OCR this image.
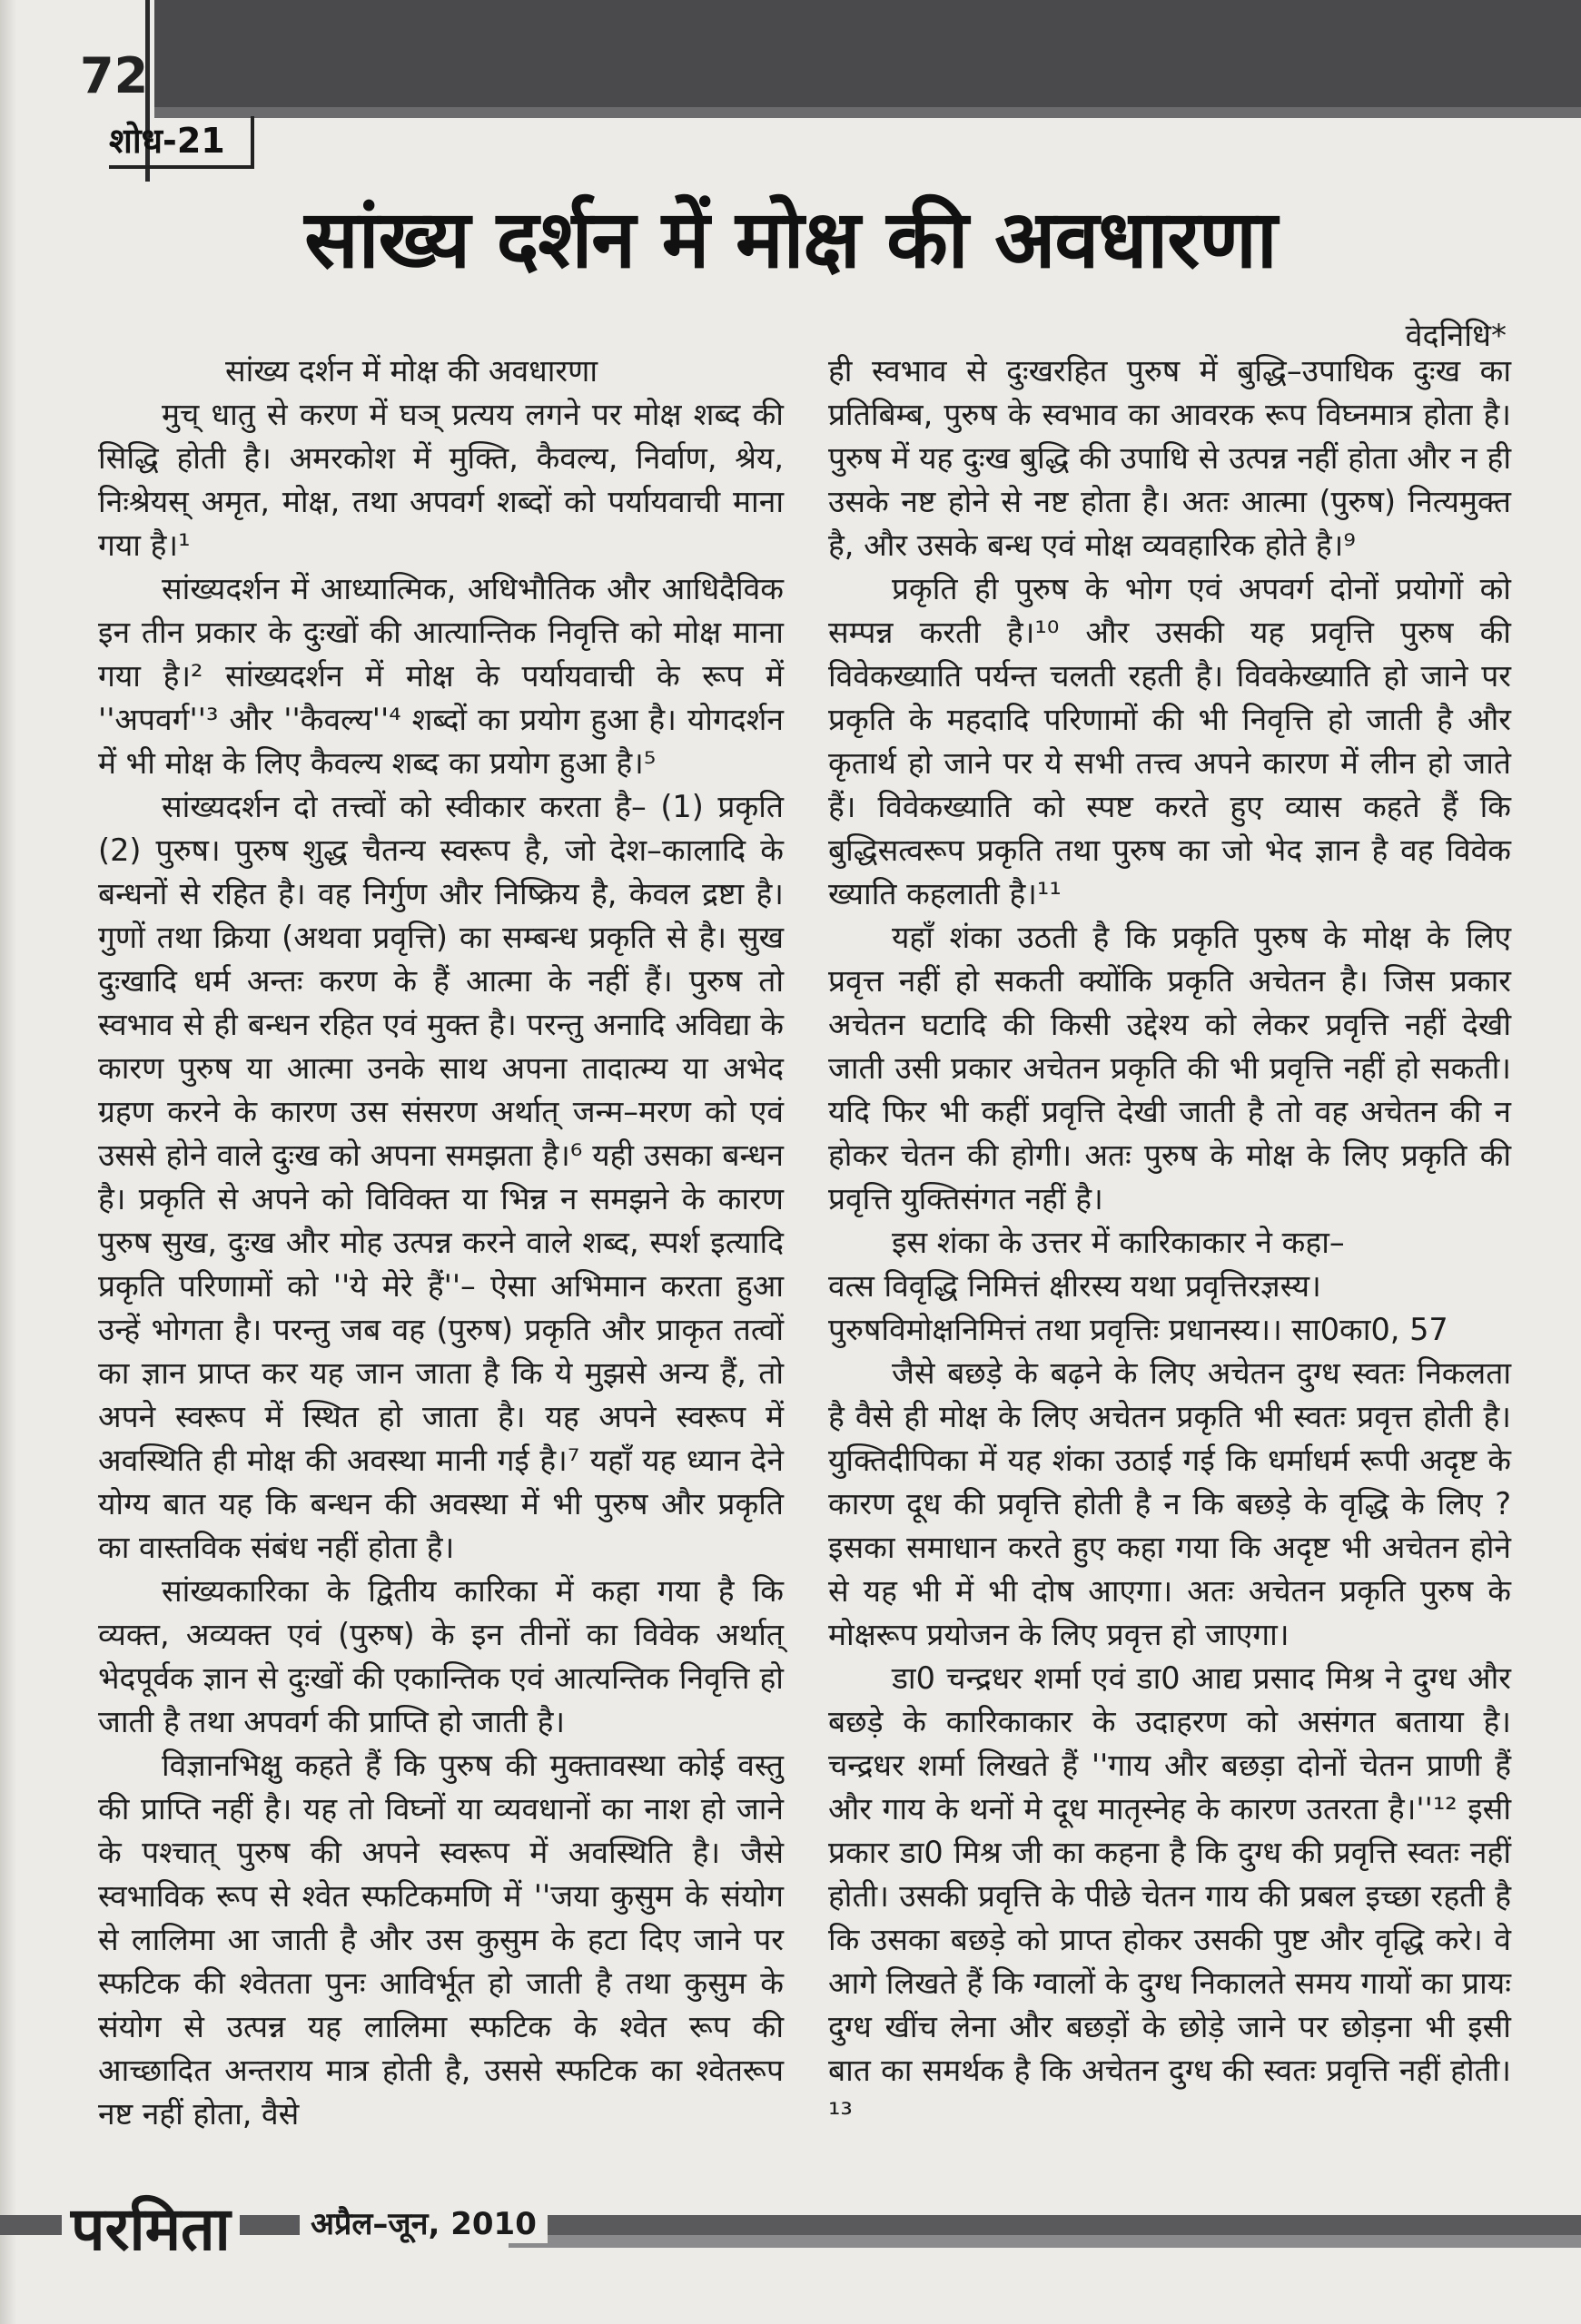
72
शोध-21
सांख्य दर्शन में मोक्ष की अवधारणा
वेदनिधि*

सांख्य दर्शन में मोक्ष की अवधारणा

मुच् धातु से करण में घञ् प्रत्यय लगने पर मोक्ष शब्द की सिद्धि होती है। अमरकोश में मुक्ति, कैवल्य, निर्वाण, श्रेय, निःश्रेयस् अमृत, मोक्ष, तथा अपवर्ग शब्दों को पर्यायवाची माना गया है।¹

सांख्यदर्शन में आध्यात्मिक, अधिभौतिक और आधिदैविक इन तीन प्रकार के दुःखों की आत्यान्तिक निवृत्ति को मोक्ष माना गया है।² सांख्यदर्शन में मोक्ष के पर्यायवाची के रूप में ''अपवर्ग''³ और ''कैवल्य''⁴ शब्दों का प्रयोग हुआ है। योगदर्शन में भी मोक्ष के लिए कैवल्य शब्द का प्रयोग हुआ है।⁵

सांख्यदर्शन दो तत्त्वों को स्वीकार करता है– (1) प्रकृति (2) पुरुष। पुरुष शुद्ध चैतन्य स्वरूप है, जो देश–कालादि के बन्धनों से रहित है। वह निर्गुण और निष्क्रिय है, केवल द्रष्टा है। गुणों तथा क्रिया (अथवा प्रवृत्ति) का सम्बन्ध प्रकृति से है। सुख दुःखादि धर्म अन्तः करण के हैं आत्मा के नहीं हैं। पुरुष तो स्वभाव से ही बन्धन रहित एवं मुक्त है। परन्तु अनादि अविद्या के कारण पुरुष या आत्मा उनके साथ अपना तादात्म्य या अभेद ग्रहण करने के कारण उस संसरण अर्थात् जन्म–मरण को एवं उससे होने वाले दुःख को अपना समझता है।⁶ यही उसका बन्धन है। प्रकृति से अपने को विविक्त या भिन्न न समझने के कारण पुरुष सुख, दुःख और मोह उत्पन्न करने वाले शब्द, स्पर्श इत्यादि प्रकृति परिणामों को ''ये मेरे हैं''– ऐसा अभिमान करता हुआ उन्हें भोगता है। परन्तु जब वह (पुरुष) प्रकृति और प्राकृत तत्वों का ज्ञान प्राप्त कर यह जान जाता है कि ये मुझसे अन्य हैं, तो अपने स्वरूप में स्थित हो जाता है। यह अपने स्वरूप में अवस्थिति ही मोक्ष की अवस्था मानी गई है।⁷ यहाँ यह ध्यान देने योग्य बात यह कि बन्धन की अवस्था में भी पुरुष और प्रकृति का वास्तविक संबंध नहीं होता है।

सांख्यकारिका के द्वितीय कारिका में कहा गया है कि व्यक्त, अव्यक्त एवं (पुरुष) के इन तीनों का विवेक अर्थात् भेदपूर्वक ज्ञान से दुःखों की एकान्तिक एवं आत्यन्तिक निवृत्ति हो जाती है तथा अपवर्ग की प्राप्ति हो जाती है।

विज्ञानभिक्षु कहते हैं कि पुरुष की मुक्तावस्था कोई वस्तु की प्राप्ति नहीं है। यह तो विघ्नों या व्यवधानों का नाश हो जाने के पश्चात् पुरुष की अपने स्वरूप में अवस्थिति है। जैसे स्वभाविक रूप से श्वेत स्फटिकमणि में ''जया कुसुम के संयोग से लालिमा आ जाती है और उस कुसुम के हटा दिए जाने पर स्फटिक की श्वेतता पुनः आविर्भूत हो जाती है तथा कुसुम के संयोग से उत्पन्न यह लालिमा स्फटिक के श्वेत रूप की आच्छादित अन्तराय मात्र होती है, उससे स्फटिक का श्वेतरूप नष्ट नहीं होता, वैसे

ही स्वभाव से दुःखरहित पुरुष में बुद्धि–उपाधिक दुःख का प्रतिबिम्ब, पुरुष के स्वभाव का आवरक रूप विघ्नमात्र होता है। पुरुष में यह दुःख बुद्धि की उपाधि से उत्पन्न नहीं होता और न ही उसके नष्ट होने से नष्ट होता है। अतः आत्मा (पुरुष) नित्यमुक्त है, और उसके बन्ध एवं मोक्ष व्यवहारिक होते है।⁹

प्रकृति ही पुरुष के भोग एवं अपवर्ग दोनों प्रयोगों को सम्पन्न करती है।¹⁰ और उसकी यह प्रवृत्ति पुरुष की विवेकख्याति पर्यन्त चलती रहती है। विवकेख्याति हो जाने पर प्रकृति के महदादि परिणामों की भी निवृत्ति हो जाती है और कृतार्थ हो जाने पर ये सभी तत्त्व अपने कारण में लीन हो जाते हैं। विवेकख्याति को स्पष्ट करते हुए व्यास कहते हैं कि बुद्धिसत्वरूप प्रकृति तथा पुरुष का जो भेद ज्ञान है वह विवेक ख्याति कहलाती है।¹¹

यहाँ शंका उठती है कि प्रकृति पुरुष के मोक्ष के लिए प्रवृत्त नहीं हो सकती क्योंकि प्रकृति अचेतन है। जिस प्रकार अचेतन घटादि की किसी उद्देश्य को लेकर प्रवृत्ति नहीं देखी जाती उसी प्रकार अचेतन प्रकृति की भी प्रवृत्ति नहीं हो सकती। यदि फिर भी कहीं प्रवृत्ति देखी जाती है तो वह अचेतन की न होकर चेतन की होगी। अतः पुरुष के मोक्ष के लिए प्रकृति की प्रवृत्ति युक्तिसंगत नहीं है।

इस शंका के उत्तर में कारिकाकार ने कहा–

वत्स विवृद्धि निमित्तं क्षीरस्य यथा प्रवृत्तिरज्ञस्य।

पुरुषविमोक्षनिमित्तं तथा प्रवृत्तिः प्रधानस्य।। सा0का0, 57

जैसे बछड़े के बढ़ने के लिए अचेतन दुग्ध स्वतः निकलता है वैसे ही मोक्ष के लिए अचेतन प्रकृति भी स्वतः प्रवृत्त होती है। युक्तिदीपिका में यह शंका उठाई गई कि धर्माधर्म रूपी अदृष्ट के कारण दूध की प्रवृत्ति होती है न कि बछड़े के वृद्धि के लिए ?इसका समाधान करते हुए कहा गया कि अदृष्ट भी अचेतन होने से यह भी में भी दोष आएगा। अतः अचेतन प्रकृति पुरुष के मोक्षरूप प्रयोजन के लिए प्रवृत्त हो जाएगा।

डा0 चन्द्रधर शर्मा एवं डा0 आद्य प्रसाद मिश्र ने दुग्ध और बछड़े के कारिकाकार के उदाहरण को असंगत बताया है। चन्द्रधर शर्मा लिखते हैं ''गाय और बछड़ा दोनों चेतन प्राणी हैं और गाय के थनों मे दूध मातृस्नेह के कारण उतरता है।''¹² इसी प्रकार डा0 मिश्र जी का कहना है कि दुग्ध की प्रवृत्ति स्वतः नहीं होती। उसकी प्रवृत्ति के पीछे चेतन गाय की प्रबल इच्छा रहती है कि उसका बछड़े को प्राप्त होकर उसकी पुष्ट और वृद्धि करे। वे आगे लिखते हैं कि ग्वालों के दुग्ध निकालते समय गायों का प्रायः दुग्ध खींच लेना और बछड़ों के छोड़े जाने पर छोड़ना भी इसी बात का समर्थक है कि अचेतन दुग्ध की स्वतः प्रवृत्ति नहीं होती।¹³

परमिता	अप्रैल–जून, 2010
